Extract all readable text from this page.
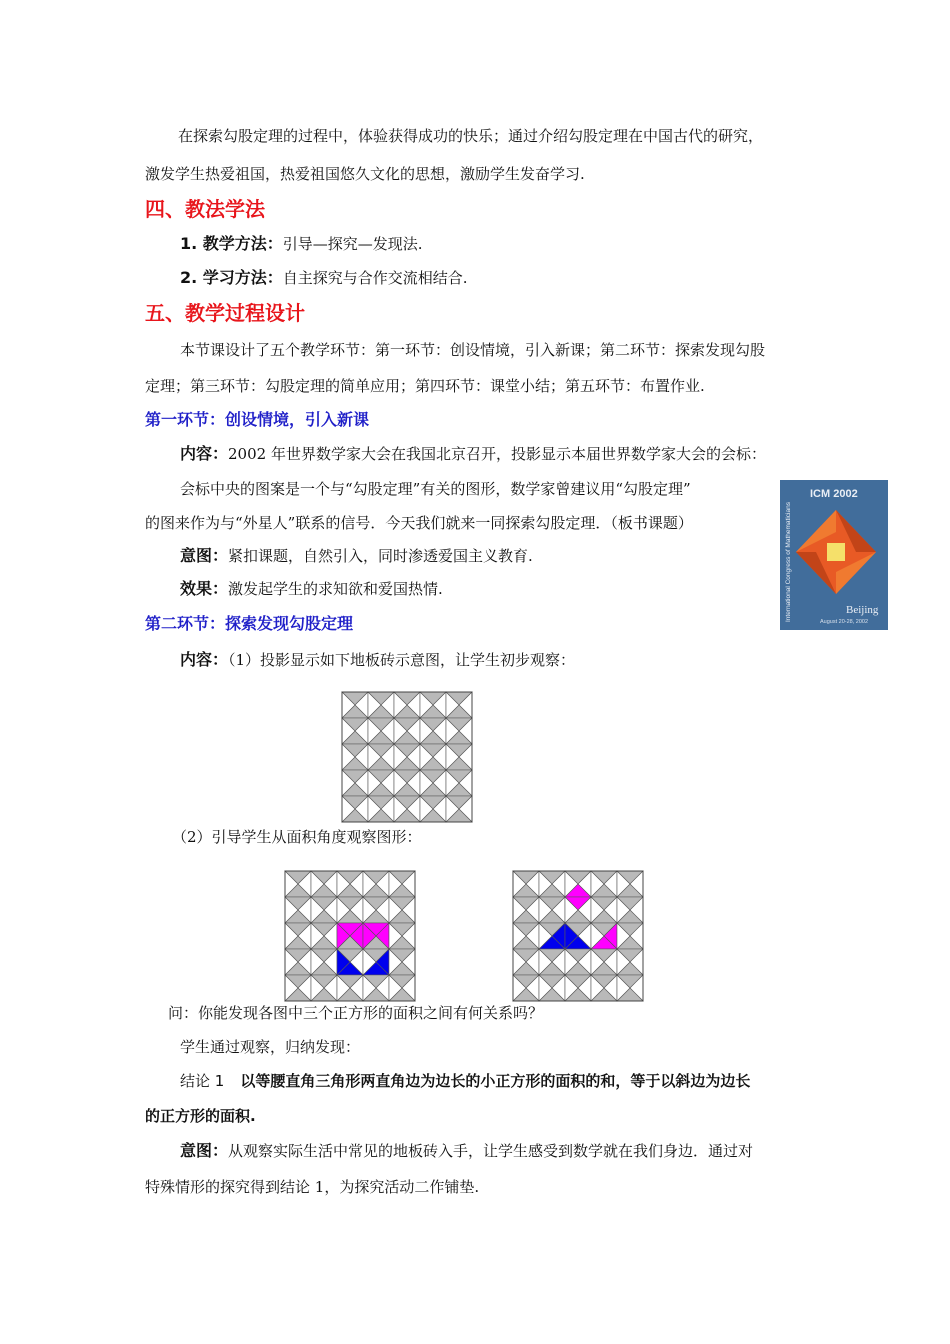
在探索勾股定理的过程中，体验获得成功的快乐；通过介绍勾股定理在中国古代的研究，
激发学生热爱祖国，热爱祖国悠久文化的思想，激励学生发奋学习.
四、教法学法
1. 教学方法：引导—探究—发现法.
2. 学习方法：自主探究与合作交流相结合.
五、教学过程设计
本节课设计了五个教学环节：第一环节：创设情境，引入新课；第二环节：探索发现勾股
定理；第三环节：勾股定理的简单应用；第四环节：课堂小结；第五环节：布置作业.
第一环节：创设情境，引入新课
内容：2002 年世界数学家大会在我国北京召开，投影显示本届世界数学家大会的会标：
会标中央的图案是一个与“勾股定理”有关的图形，数学家曾建议用“勾股定理”
的图来作为与“外星人”联系的信号．今天我们就来一同探索勾股定理．（板书课题）
意图：紧扣课题，自然引入，同时渗透爱国主义教育.
效果：激发起学生的求知欲和爱国热情.
ICM 2002
International Congress of Mathematicians	Beijing
August 20-28, 2002
第二环节：探索发现勾股定理
内容：（1）投影显示如下地板砖示意图，让学生初步观察：
（2）引导学生从面积角度观察图形：
问：你能发现各图中三个正方形的面积之间有何关系吗？
学生通过观察，归纳发现：
结论 1 以等腰直角三角形两直角边为边长的小正方形的面积的和，等于以斜边为边长
的正方形的面积.
意图：从观察实际生活中常见的地板砖入手，让学生感受到数学就在我们身边．通过对
特殊情形的探究得到结论 1，为探究活动二作铺垫.
